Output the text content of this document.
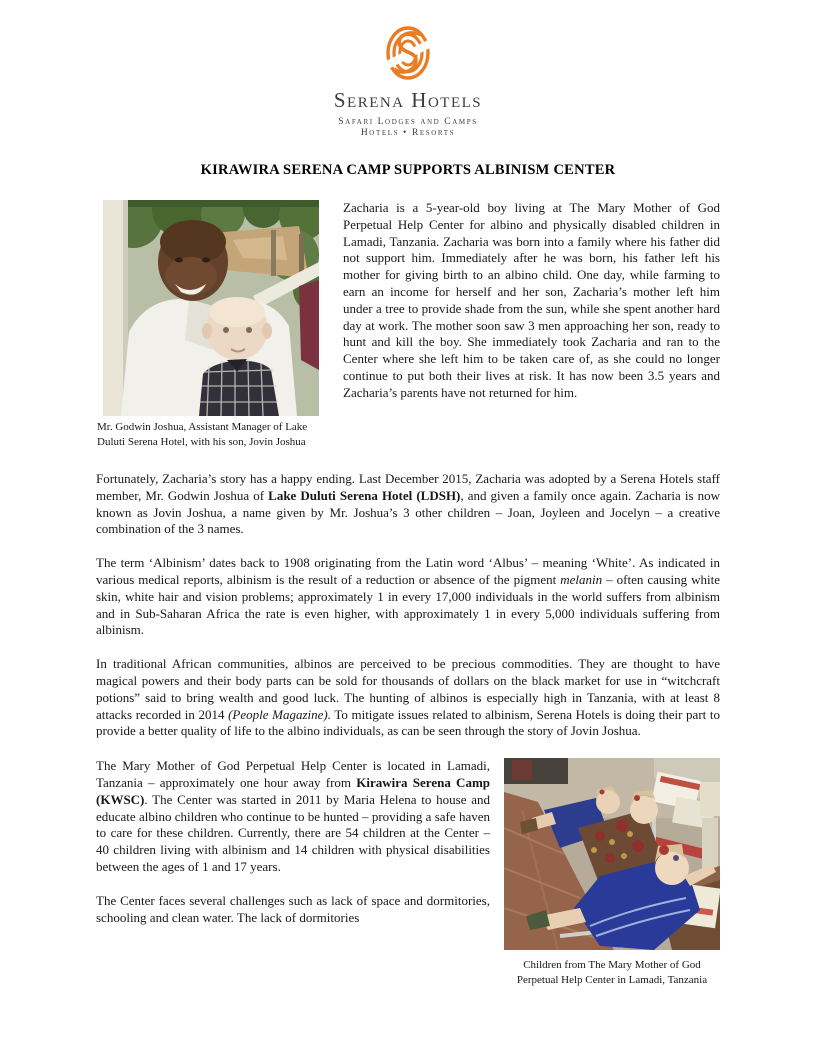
Serena Hotels
Safari Lodges and Camps
Hotels • Resorts
KIRAWIRA SERENA CAMP SUPPORTS ALBINISM CENTER
Mr. Godwin Joshua, Assistant Manager of Lake Duluti Serena Hotel, with his son, Jovin Joshua

Zacharia is a 5-year-old boy living at The Mary Mother of God Perpetual Help Center for albino and physically disabled children in Lamadi, Tanzania. Zacharia was born into a family where his father did not support him. Immediately after he was born, his father left his mother for giving birth to an albino child. One day, while farming to earn an income for herself and her son, Zacharia’s mother left him under a tree to provide shade from the sun, while she spent another hard day at work. The mother soon saw 3 men approaching her son, ready to hunt and kill the boy. She immediately took Zacharia and ran to the Center where she left him to be taken care of, as she could no longer continue to put both their lives at risk. It has now been 3.5 years and Zacharia’s parents have not returned for him.

Fortunately, Zacharia’s story has a happy ending. Last December 2015, Zacharia was adopted by a Serena Hotels staff member, Mr. Godwin Joshua of Lake Duluti Serena Hotel (LDSH), and given a family once again. Zacharia is now known as Jovin Joshua, a name given by Mr. Joshua’s 3 other children – Joan, Joyleen and Jocelyn – a creative combination of the 3 names.

The term ‘Albinism’ dates back to 1908 originating from the Latin word ‘Albus’ – meaning ‘White’. As indicated in various medical reports, albinism is the result of a reduction or absence of the pigment melanin – often causing white skin, white hair and vision problems; approximately 1 in every 17,000 individuals in the world suffers from albinism and in Sub-Saharan Africa the rate is even higher, with approximately 1 in every 5,000 individuals suffering from albinism.

In traditional African communities, albinos are perceived to be precious commodities. They are thought to have magical powers and their body parts can be sold for thousands of dollars on the black market for use in “witchcraft potions” said to bring wealth and good luck. The hunting of albinos is especially high in Tanzania, with at least 8 attacks recorded in 2014 (People Magazine). To mitigate issues related to albinism, Serena Hotels is doing their part to provide a better quality of life to the albino individuals, as can be seen through the story of Jovin Joshua.

The Mary Mother of God Perpetual Help Center is located in Lamadi, Tanzania – approximately one hour away from Kirawira Serena Camp (KWSC). The Center was started in 2011 by Maria Helena to house and educate albino children who continue to be hunted – providing a safe haven to care for these children. Currently, there are 54 children at the Center – 40 children living with albinism and 14 children with physical disabilities between the ages of 1 and 17 years.

The Center faces several challenges such as lack of space and dormitories, schooling and clean water. The lack of dormitories

Children from The Mary Mother of God Perpetual Help Center in Lamadi, Tanzania
